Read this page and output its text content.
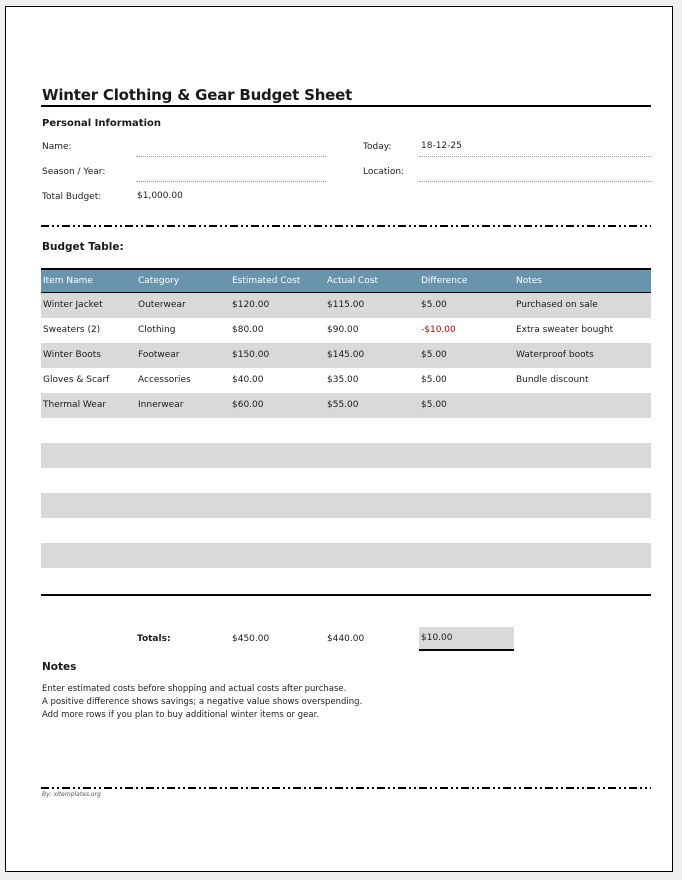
Winter Clothing & Gear Budget Sheet
Personal Information
Name:
Season / Year:
Total Budget:	$1,000.00
Today:	18-12-25
Location:
Budget Table:
Item Name	Category	Estimated Cost	Actual Cost	Difference	Notes
Winter Jacket	Outerwear	$120.00	$115.00	$5.00	Purchased on sale
Sweaters (2)	Clothing	$80.00	$90.00	-$10.00	Extra sweater bought
Winter Boots	Footwear	$150.00	$145.00	$5.00	Waterproof boots
Gloves & Scarf	Accessories	$40.00	$35.00	$5.00	Bundle discount
Thermal Wear	Innerwear	$60.00	$55.00	$5.00
Totals:	$450.00	$440.00	$10.00
Notes
Enter estimated costs before shopping and actual costs after purchase.
A positive difference shows savings; a negative value shows overspending.
Add more rows if you plan to buy additional winter items or gear.
By: xltemplates.org
